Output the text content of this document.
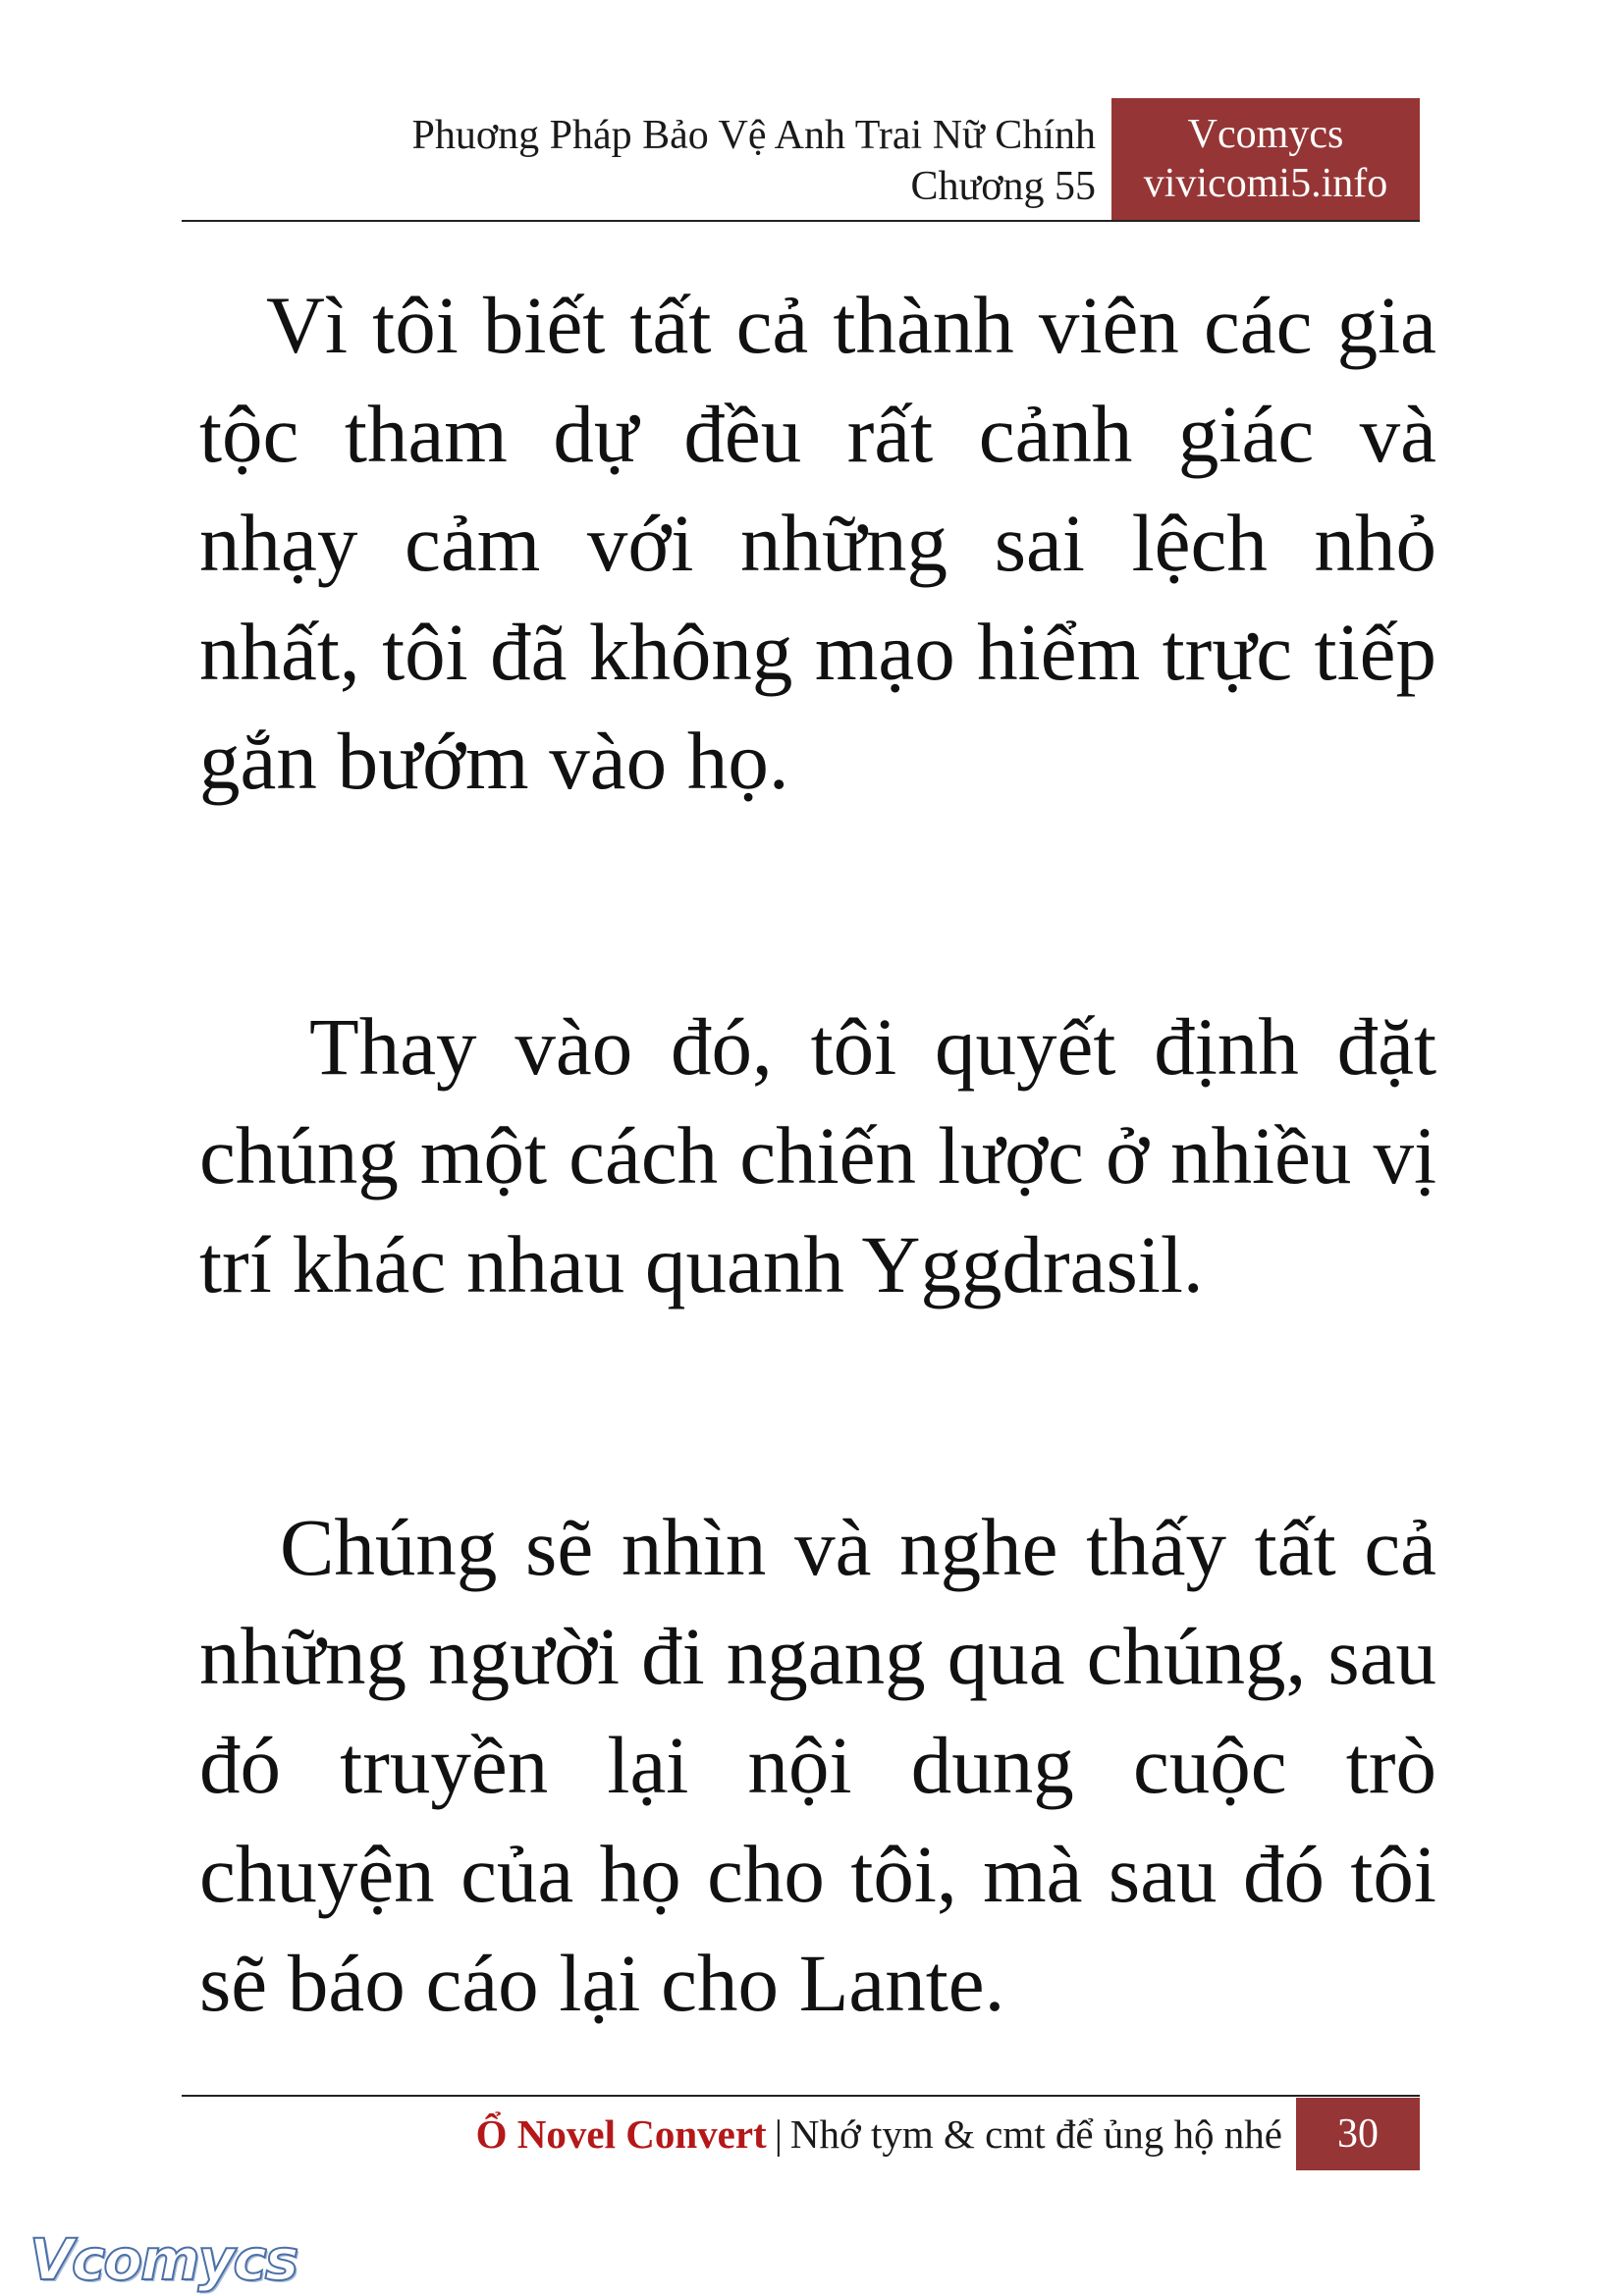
Phuơng Pháp Bảo Vệ Anh Trai Nữ Chính
Chương 55
Vcomycs
vivicomi5.info

Vì tôi biết tất cả thành viên các gia tộc tham dự đều rất cảnh giác và nhạy cảm với những sai lệch nhỏ nhất, tôi đã không mạo hiểm trực tiếp gắn bướm vào họ.

Thay vào đó, tôi quyết định đặt chúng một cách chiến lược ở nhiều vị trí khác nhau quanh Yggdrasil.

Chúng sẽ nhìn và nghe thấy tất cả những người đi ngang qua chúng, sau đó truyền lại nội dung cuộc trò chuyện của họ cho tôi, mà sau đó tôi sẽ báo cáo lại cho Lante.

Ổ Novel Convert | Nhớ tym & cmt để ủng hộ nhé	30
Vcomycs
